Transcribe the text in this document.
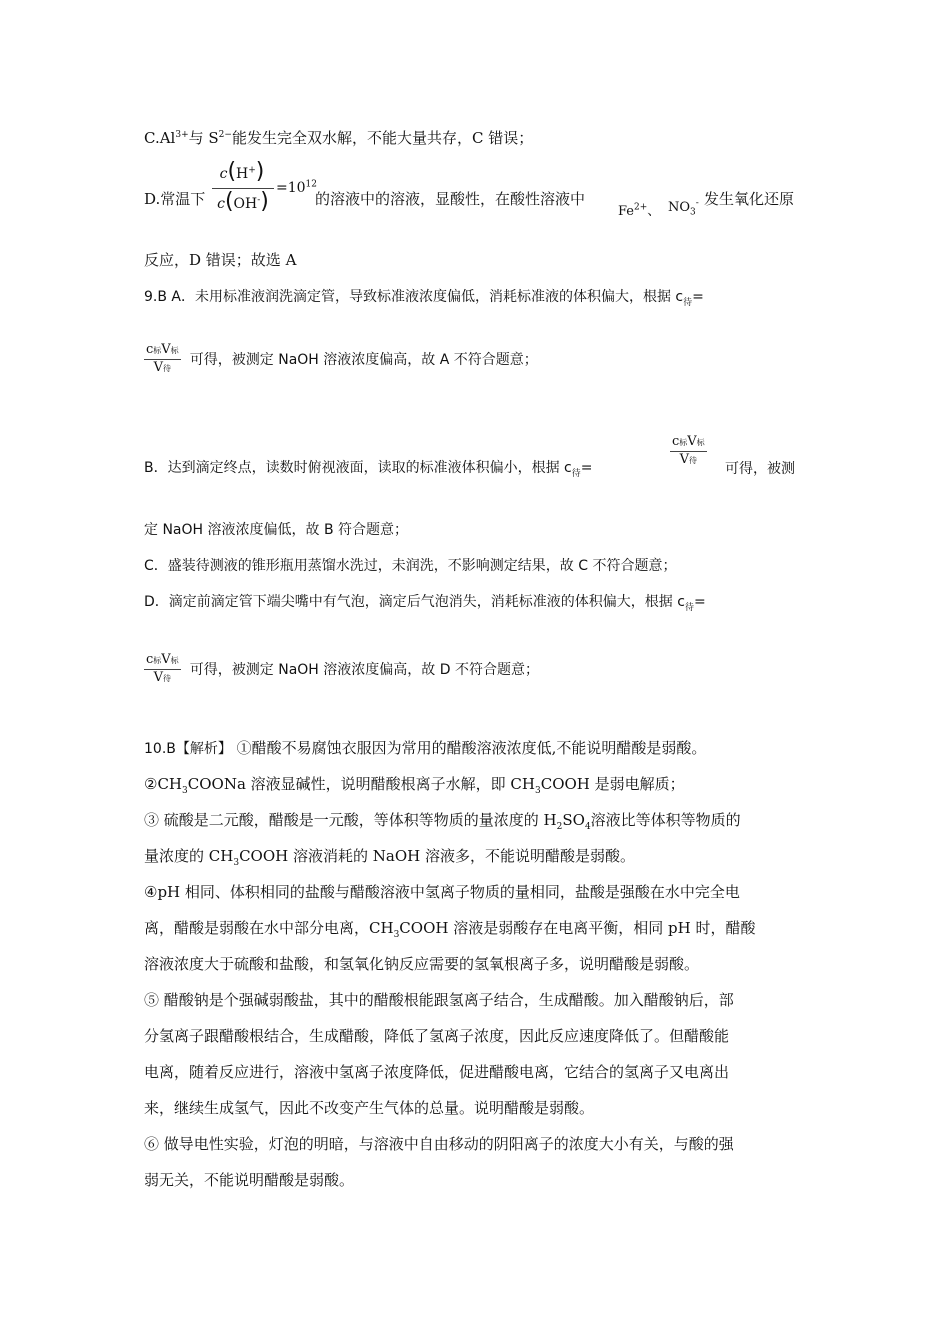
$C.Al^{3+}$与 $S^{2-}$能发生完全双水解，不能大量共存，C 错误；
D.常温下
c(H+)
c(OH-)
$=10^{12}$
的溶液中的溶液，显酸性，在酸性溶液中
$Fe^{2+}$、 $NO_3^-$ 发生氧化还原
反应，D 错误；故选 A
9.B A．未用标准液润洗滴定管，导致标准液浓度偏低，消耗标准液的体积偏大，根据 $c_待=$
$\frac{\text{c标V标}}{\text{V待}}$ 可得，被测定 NaOH 溶液浓度偏高，故 A 不符合题意；
B．达到滴定终点，读数时俯视液面，读取的标准液体积偏小，根据 $c_待=$	$\frac{\text{c标V标}}{\text{V待}}$ 可得，被测
定 NaOH 溶液浓度偏低，故 B 符合题意；
C．盛装待测液的锥形瓶用蒸馏水洗过，未润洗，不影响测定结果，故 C 不符合题意；
D．滴定前滴定管下端尖嘴中有气泡，滴定后气泡消失，消耗标准液的体积偏大，根据 $c_待=$
$\frac{\text{c标V标}}{\text{V待}}$ 可得，被测定 NaOH 溶液浓度偏高，故 D 不符合题意；
10.B【解析】 ①醋酸不易腐蚀衣服因为常用的醋酸溶液浓度低,不能说明醋酸是弱酸。
$②CH_3COONa$ 溶液显碱性，说明醋酸根离子水解，即 $CH_3COOH$ 是弱电解质；
③ 硫酸是二元酸，醋酸是一元酸，等体积等物质的量浓度的 $H_2SO_4$溶液比等体积等物质的
量浓度的 $CH_3COOH$ 溶液消耗的 NaOH 溶液多，不能说明醋酸是弱酸。
④pH 相同、体积相同的盐酸与醋酸溶液中氢离子物质的量相同，盐酸是强酸在水中完全电
离，醋酸是弱酸在水中部分电离，$CH_3COOH$ 溶液是弱酸存在电离平衡，相同 pH 时，醋酸
溶液浓度大于硫酸和盐酸，和氢氧化钠反应需要的氢氧根离子多，说明醋酸是弱酸。
⑤ 醋酸钠是个强碱弱酸盐，其中的醋酸根能跟氢离子结合，生成醋酸。加入醋酸钠后，部
分氢离子跟醋酸根结合，生成醋酸，降低了氢离子浓度，因此反应速度降低了。但醋酸能
电离，随着反应进行，溶液中氢离子浓度降低，促进醋酸电离，它结合的氢离子又电离出
来，继续生成氢气，因此不改变产生气体的总量。说明醋酸是弱酸。
⑥ 做导电性实验，灯泡的明暗，与溶液中自由移动的阴阳离子的浓度大小有关，与酸的强
弱无关，不能说明醋酸是弱酸。
